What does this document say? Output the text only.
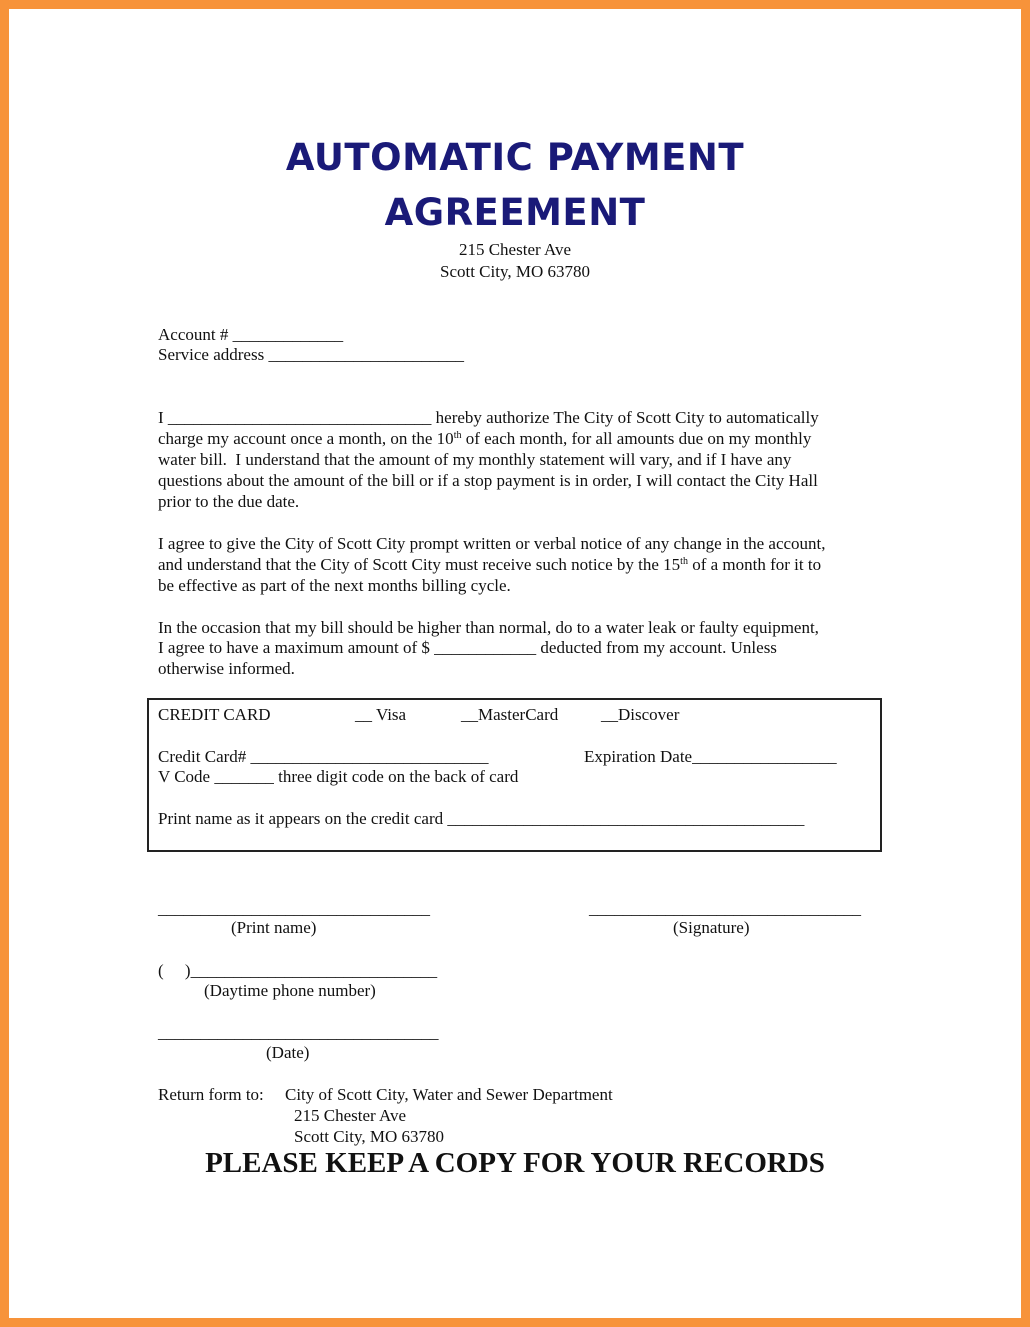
AUTOMATIC PAYMENT
AGREEMENT
215 Chester Ave
Scott City, MO 63780
Account # _____________
Service address _______________________
I _______________________________ hereby authorize The City of Scott City to automatically
charge my account once a month, on the 10th of each month, for all amounts due on my monthly
water bill.  I understand that the amount of my monthly statement will vary, and if I have any
questions about the amount of the bill or if a stop payment is in order, I will contact the City Hall
prior to the due date.
I agree to give the City of Scott City prompt written or verbal notice of any change in the account,
and understand that the City of Scott City must receive such notice by the 15th of a month for it to
be effective as part of the next months billing cycle.
In the occasion that my bill should be higher than normal, do to a water leak or faulty equipment,
I agree to have a maximum amount of $ ____________ deducted from my account. Unless
otherwise informed.
CREDIT CARD	__ Visa	__MasterCard	__Discover
Credit Card# ____________________________	Expiration Date_________________
V Code _______ three digit code on the back of card
Print name as it appears on the credit card __________________________________________
________________________________
(Print name)
________________________________
(Signature)
(     )_____________________________
(Daytime phone number)
_________________________________
(Date)
Return form to: City of Scott City, Water and Sewer Department
215 Chester Ave
Scott City, MO 63780
PLEASE KEEP A COPY FOR YOUR RECORDS
